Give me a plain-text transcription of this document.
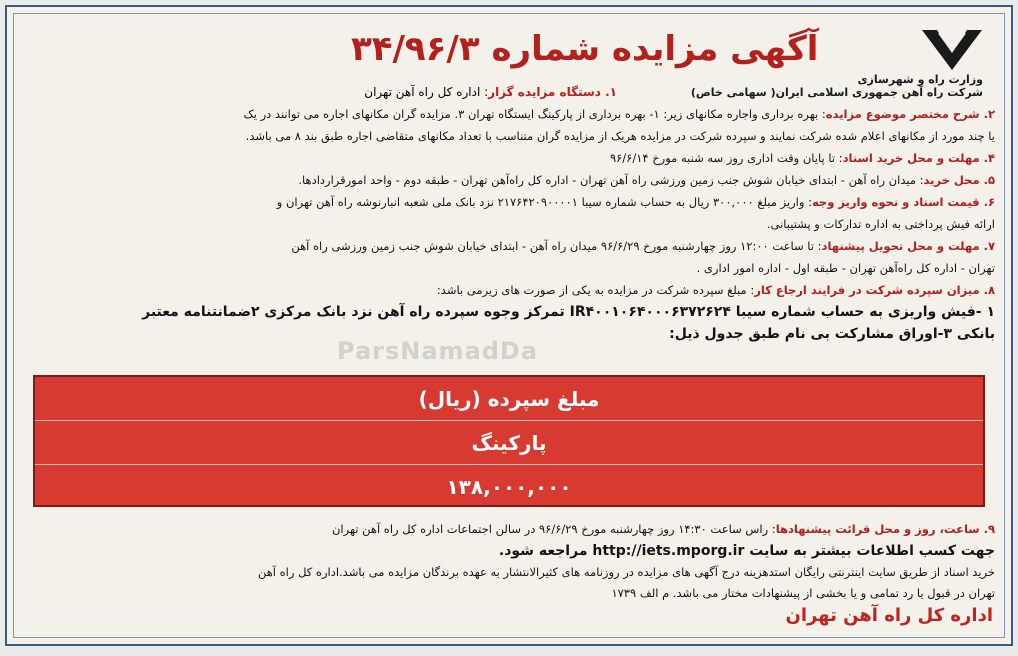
وزارت راه و شهرسازی
شرکت راه آهن جمهوری اسلامی ایران( سهامی خاص)
آگهی مزایده شماره ۳۴/۹۶/۳
۱. دستگاه مزایده گزار: اداره کل راه آهن تهران
۲. شرح مختصر موضوع مزایده: بهره برداری واجاره مکانهای زیر: ۱- بهره برداری از پارکینگ ایستگاه تهران ۳. مزایده گران مکانهای اجاره می توانند در یک
یا چند مورد از مکانهای اعلام شده شرکت نمایند و سپرده شرکت در مزایده هریک از مزایده گران متناسب با تعداد مکانهای متقاضی اجاره طبق بند ۸ می باشد.
۴. مهلت و محل خرید اسناد: تا پایان وقت اداری روز سه شنبه مورخ ۹۶/۶/۱۴
۵. محل خرید: میدان راه آهن - ابتدای خیابان شوش جنب زمین ورزشی راه آهن تهران - اداره کل راه‌آهن تهران - طبقه دوم - واحد امورقراردادها.
۶. قیمت اسناد و نحوه واریز وجه: واریز مبلغ ۳۰۰,۰۰۰ ریال به حساب شماره سیبا ۲۱۷۶۴۲۰۹۰۰۰۰۱ نزد بانک ملی شعبه انبارنوشه راه آهن تهران و
ارائه فیش پرداختی به اداره تدارکات و پشتیبانی.
۷. مهلت و محل تحویل پیشنهاد: تا ساعت ۱۲:۰۰ روز چهارشنبه مورخ ۹۶/۶/۲۹ میدان راه آهن - ابتدای خیابان شوش جنب زمین ورزشی راه آهن
تهران - اداره کل راه‌آهن تهران - طبقه اول - اداره امور اداری .
۸. میزان سپرده شرکت در فرایند ارجاع کار: مبلغ سپرده شرکت در مزایده به یکی از صورت های زیرمی باشد:
۱ -فیش واریزی به حساب شماره سیبا IR۴۰۰۱۰۶۴۰۰۰۶۳۷۲۶۲۴ تمرکز وجوه سپرده راه آهن نزد بانک مرکزی ۲ضمانتنامه معتبر
بانکی ۳-اوراق مشارکت بی نام طبق جدول ذیل:
مبلغ سپرده (ریال)
پارکینگ
۱۳۸,۰۰۰,۰۰۰
ParsNamadDa
۹. ساعت، روز و محل قرائت پیشنهادها: راس ساعت ۱۴:۳۰ روز چهارشنبه مورخ ۹۶/۶/۲۹ در سالن اجتماعات اداره کل راه آهن تهران
جهت کسب اطلاعات بیشتر به سایت http://iets.mporg.ir مراجعه شود.
خرید اسناد از طریق سایت اینترنتی رایگان استدهزینه درج آگهی های مزایده در روزنامه های کثیرالانتشار به عهده برندگان مزایده می باشد.اداره کل راه آهن
تهران در قبول یا رد تمامی و یا بخشی از پیشنهادات مختار می باشد. م الف ۱۷۳۹
اداره کل راه آهن تهران
